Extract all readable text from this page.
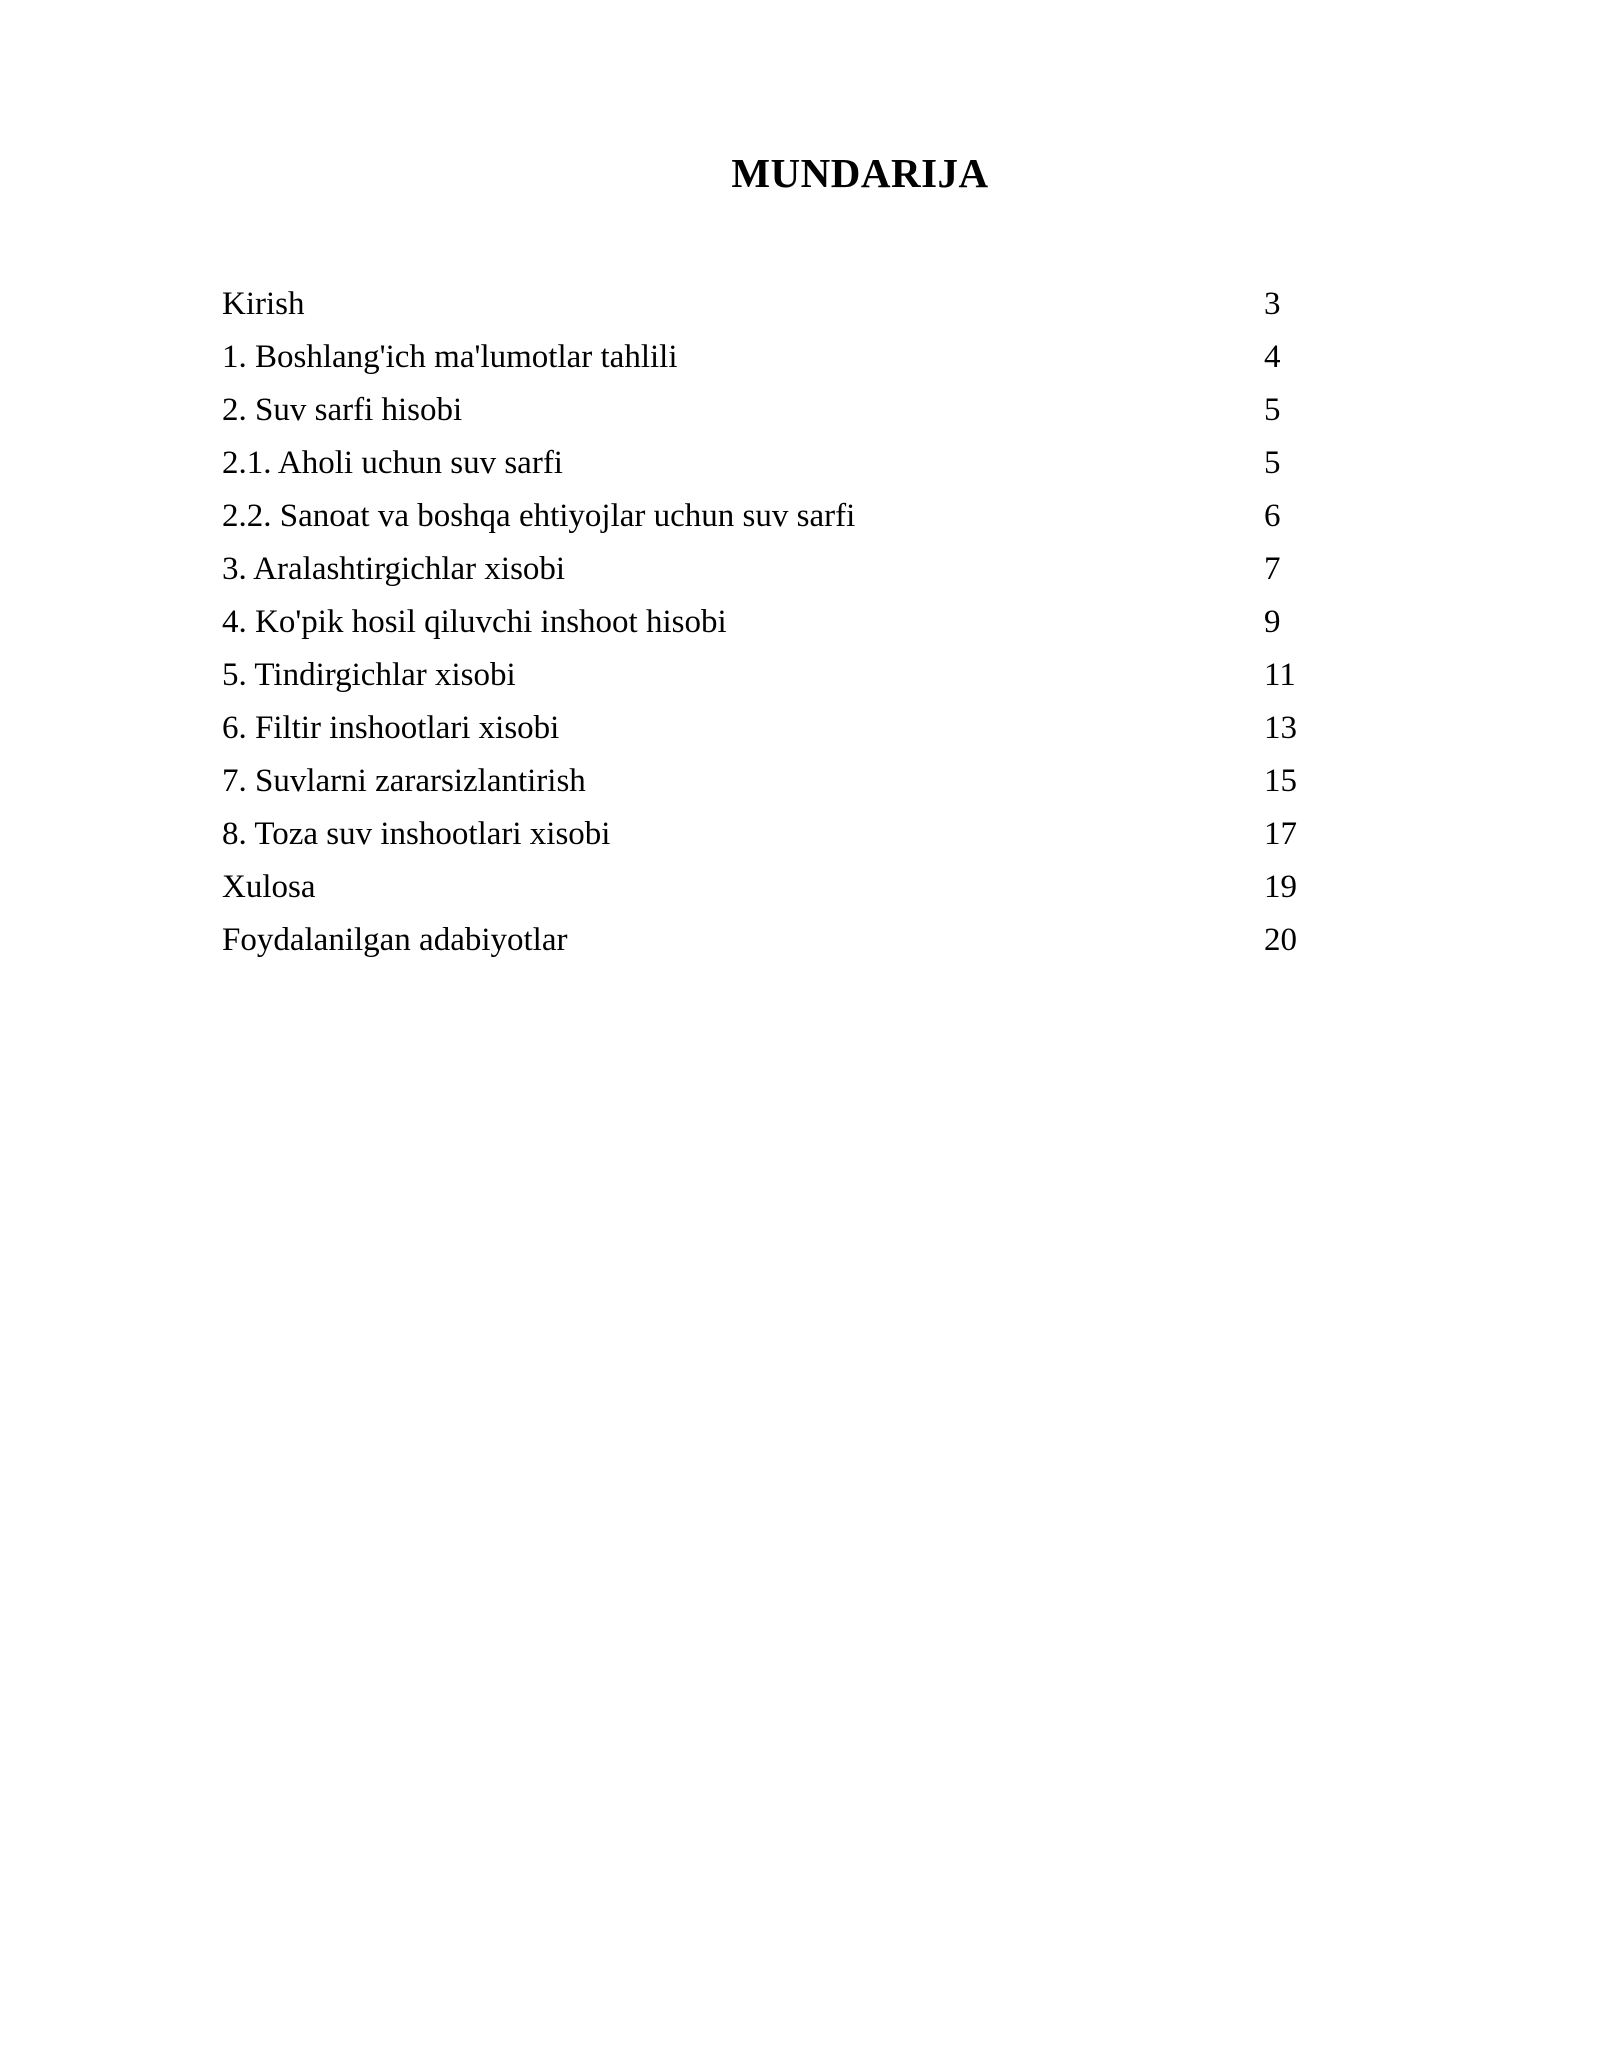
MUNDARIJA
Kirish	3
1. Boshlang'ich ma'lumotlar tahlili	4
2. Suv sarfi hisobi	5
2.1. Aholi uchun suv sarfi	5
2.2. Sanoat va boshqa ehtiyojlar uchun suv sarfi	6
3. Aralashtirgichlar xisobi	7
4. Ko'pik hosil qiluvchi inshoot hisobi	9
5. Tindirgichlar xisobi	11
6. Filtir inshootlari xisobi	13
7. Suvlarni zararsizlantirish	15
8. Toza suv inshootlari xisobi	17
Xulosa	19
Foydalanilgan adabiyotlar	20
